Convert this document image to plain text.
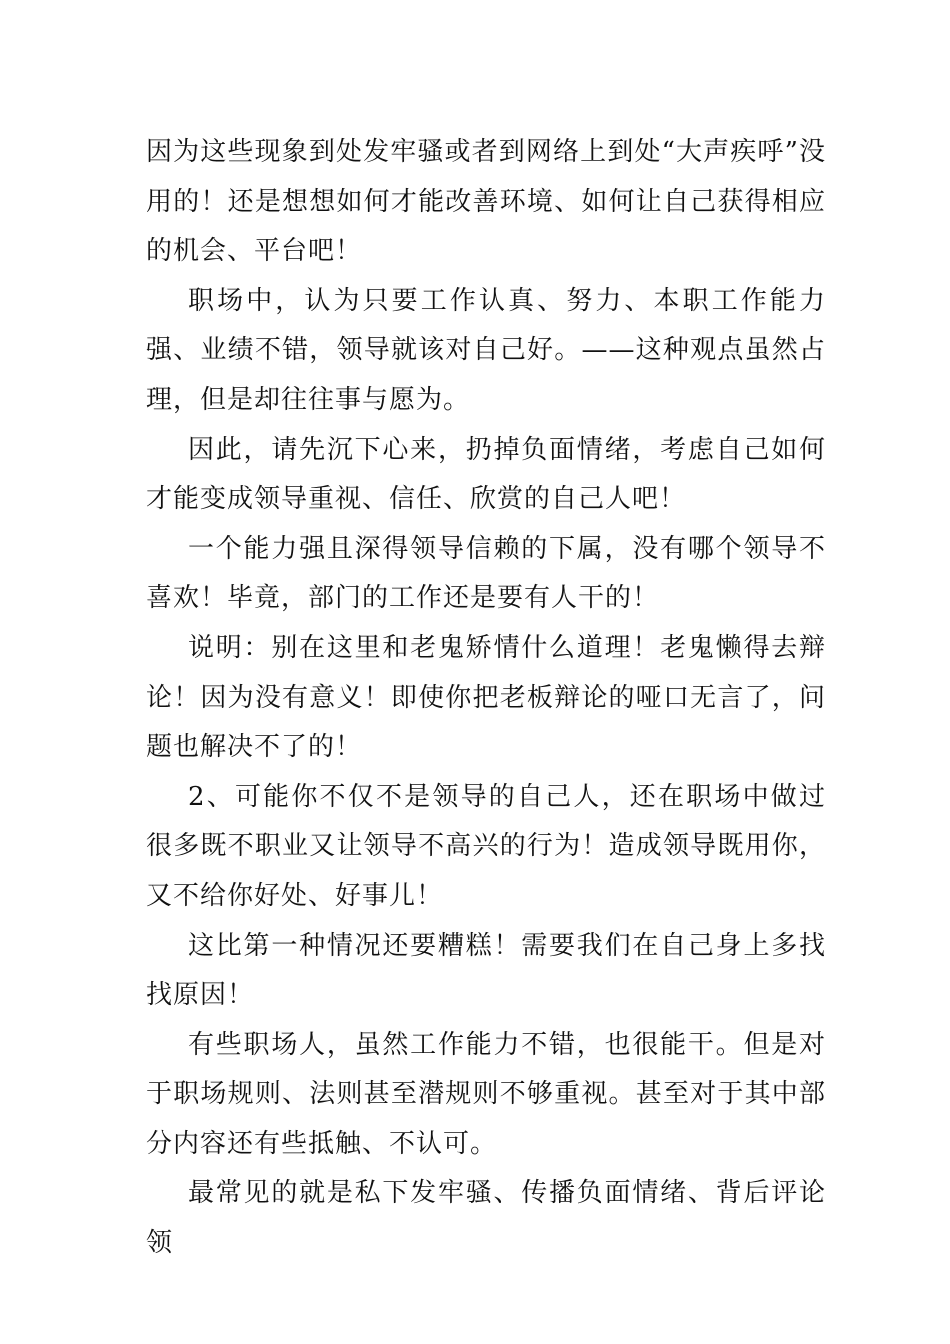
因为这些现象到处发牢骚或者到网络上到处“大声疾呼”没用的！还是想想如何才能改善环境、如何让自己获得相应的机会、平台吧！

职场中，认为只要工作认真、努力、本职工作能力强、业绩不错，领导就该对自己好。——这种观点虽然占理，但是却往往事与愿为。

因此，请先沉下心来，扔掉负面情绪，考虑自己如何才能变成领导重视、信任、欣赏的自己人吧！

一个能力强且深得领导信赖的下属，没有哪个领导不喜欢！毕竟，部门的工作还是要有人干的！

说明：别在这里和老鬼矫情什么道理！老鬼懒得去辩论！因为没有意义！即使你把老板辩论的哑口无言了，问题也解决不了的！

2、可能你不仅不是领导的自己人，还在职场中做过很多既不职业又让领导不高兴的行为！造成领导既用你，又不给你好处、好事儿！

这比第一种情况还要糟糕！需要我们在自己身上多找找原因！

有些职场人，虽然工作能力不错，也很能干。但是对于职场规则、法则甚至潜规则不够重视。甚至对于其中部分内容还有些抵触、不认可。

最常见的就是私下发牢骚、传播负面情绪、背后评论领
